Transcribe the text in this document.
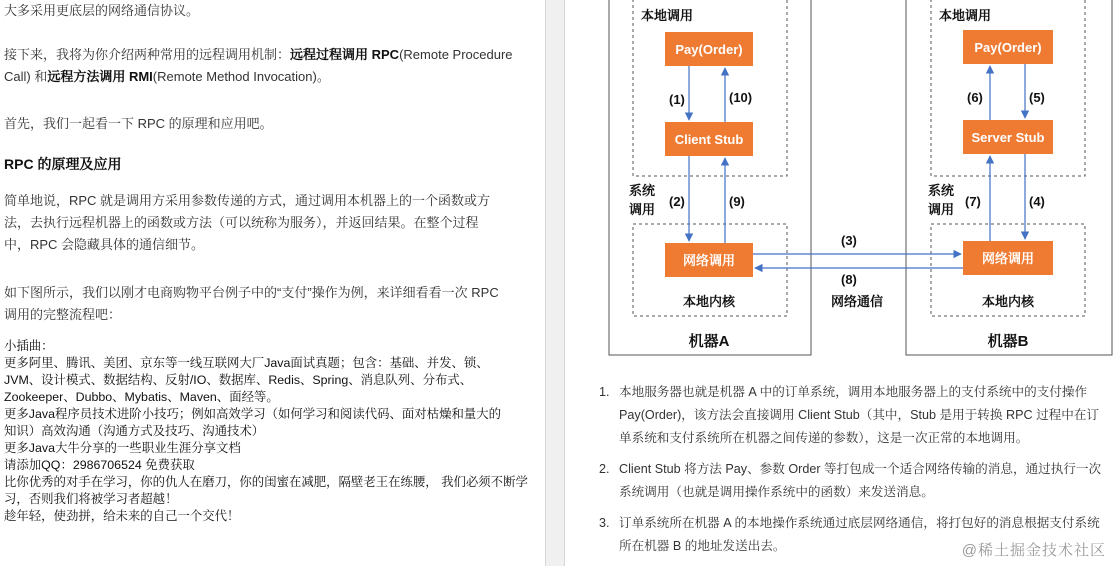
大多采用更底层的网络通信协议。

接下来，我将为你介绍两种常用的远程调用机制：远程过程调用 RPC(Remote Procedure Call) 和远程方法调用 RMI(Remote Method Invocation)。

首先，我们一起看一下 RPC 的原理和应用吧。

RPC 的原理及应用

简单地说，RPC 就是调用方采用参数传递的方式，通过调用本机器上的一个函数或方法，去执行远程机器上的函数或方法（可以统称为服务），并返回结果。在整个过程中，RPC 会隐藏具体的通信细节。

如下图所示，我们以刚才电商购物平台例子中的“支付”操作为例，来详细看看一次 RPC 调用的完整流程吧：

小插曲：
更多阿里、腾讯、美团、京东等一线互联网大厂Java面试真题；包含：基础、并发、锁、
JVM、设计模式、数据结构、反射/IO、数据库、Redis、Spring、消息队列、分布式、
Zookeeper、Dubbo、Mybatis、Maven、面经等。
更多Java程序员技术进阶小技巧；例如高效学习（如何学习和阅读代码、面对枯燥和量大的
知识）高效沟通（沟通方式及技巧、沟通技术）
更多Java大牛分享的一些职业生涯分享文档
请添加QQ：2986706524 免费获取
比你优秀的对手在学习，你的仇人在磨刀，你的闺蜜在减肥，隔壁老王在练腰， 我们必须不断学习，否则我们将被学习者超越！
趁年轻，使劲拼，给未来的自己一个交代！
本地调用	本地调用
Pay(Order)
Client Stub
网络调用
Pay(Order)
Server Stub
网络调用
(1)	(10)
(2)	(9)
(6)	(5)
(7)	(4)
(3)
(8)
系统
调用
系统
调用
本地内核	本地内核
网络通信
机器A	机器B
1. 本地服务器也就是机器 A 中的订单系统，调用本地服务器上的支付系统中的支付操作 Pay(Order)，该方法会直接调用 Client Stub（其中，Stub 是用于转换 RPC 过程中在订单系统和支付系统所在机器之间传递的参数），这是一次正常的本地调用。
2. Client Stub 将方法 Pay、参数 Order 等打包成一个适合网络传输的消息，通过执行一次系统调用（也就是调用操作系统中的函数）来发送消息。
3. 订单系统所在机器 A 的本地操作系统通过底层网络通信，将打包好的消息根据支付系统所在机器 B 的地址发送出去。	@稀土掘金技术社区
